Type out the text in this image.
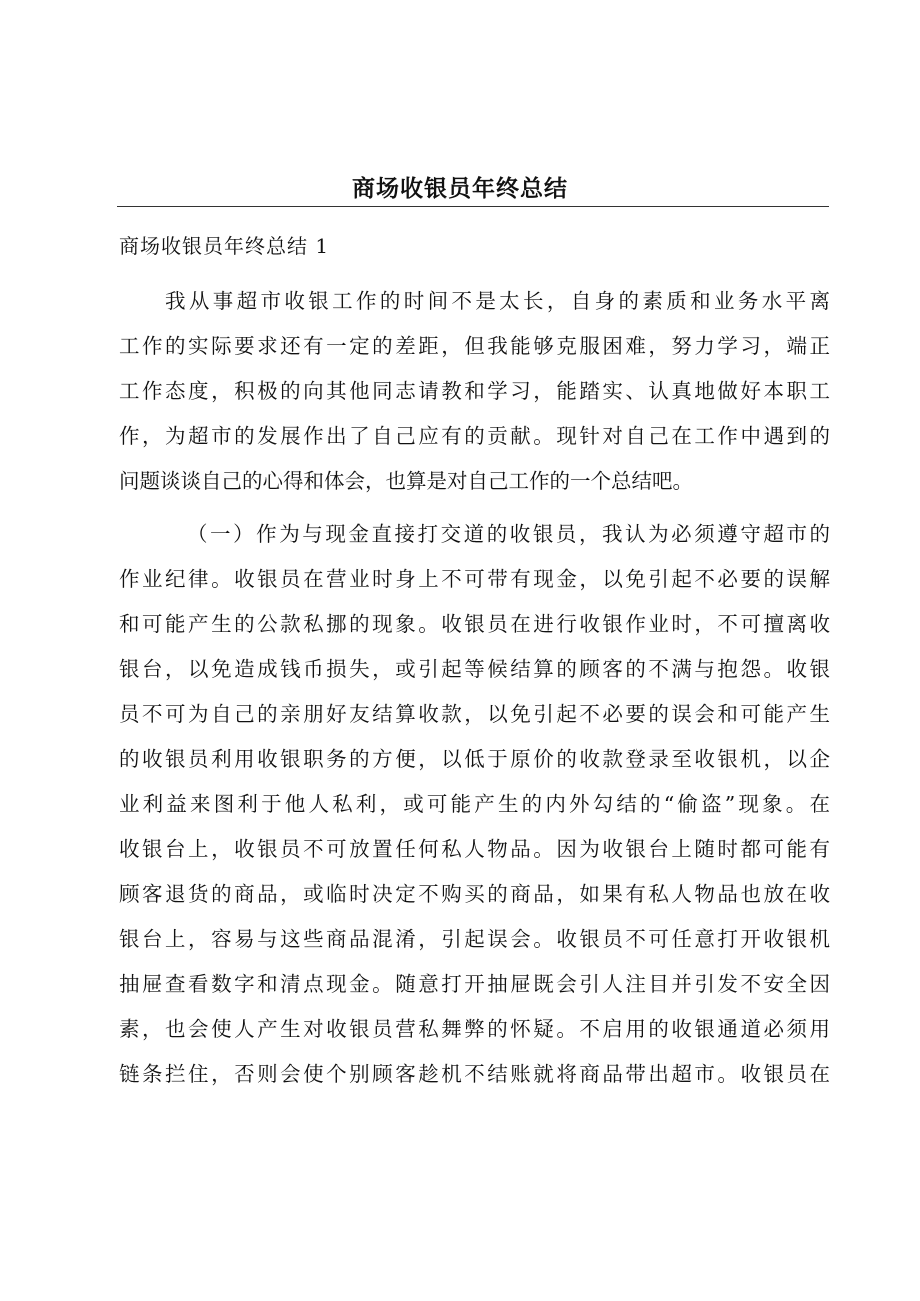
商场收银员年终总结

商场收银员年终总结 1

我从事超市收银工作的时间不是太长，自身的素质和业务水平离
工作的实际要求还有一定的差距，但我能够克服困难，努力学习，端正
工作态度，积极的向其他同志请教和学习，能踏实、认真地做好本职工
作，为超市的发展作出了自己应有的贡献。现针对自己在工作中遇到的
问题谈谈自己的心得和体会，也算是对自己工作的一个总结吧。
（一）作为与现金直接打交道的收银员，我认为必须遵守超市的
作业纪律。收银员在营业时身上不可带有现金，以免引起不必要的误解
和可能产生的公款私挪的现象。收银员在进行收银作业时，不可擅离收
银台，以免造成钱币损失，或引起等候结算的顾客的不满与抱怨。收银
员不可为自己的亲朋好友结算收款，以免引起不必要的误会和可能产生
的收银员利用收银职务的方便，以低于原价的收款登录至收银机，以企
业利益来图利于他人私利，或可能产生的内外勾结的“偷盗”现象。在
收银台上，收银员不可放置任何私人物品。因为收银台上随时都可能有
顾客退货的商品，或临时决定不购买的商品，如果有私人物品也放在收
银台上，容易与这些商品混淆，引起误会。收银员不可任意打开收银机
抽屉查看数字和清点现金。随意打开抽屉既会引人注目并引发不安全因
素，也会使人产生对收银员营私舞弊的怀疑。不启用的收银通道必须用
链条拦住，否则会使个别顾客趁机不结账就将商品带出超市。收银员在
